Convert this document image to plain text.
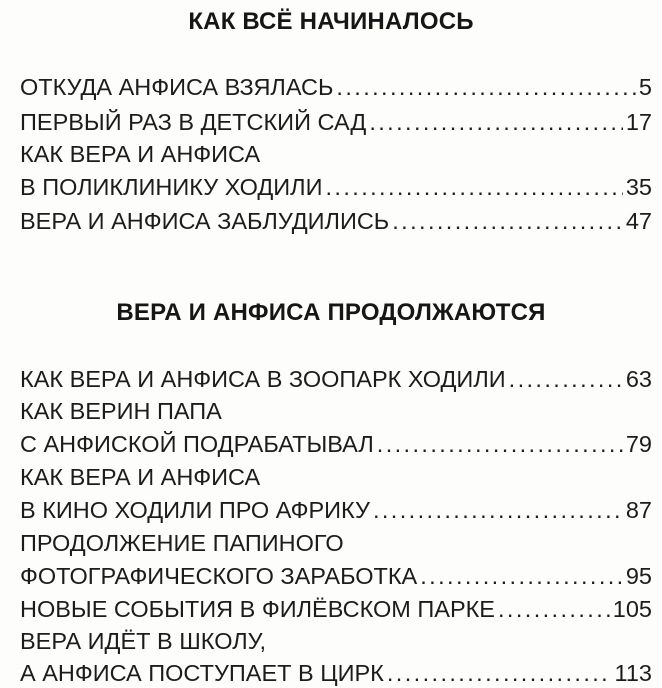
КАК ВСЁ НАЧИНАЛОСЬ
ОТКУДА АНФИСА ВЗЯЛАСЬ .....	5
ПЕРВЫЙ РАЗ В ДЕТСКИЙ САД .....	17
КАК ВЕРА И АНФИСА
В ПОЛИКЛИНИКУ ХОДИЛИ .....	35
ВЕРА И АНФИСА ЗАБЛУДИЛИСЬ .....	47
ВЕРА И АНФИСА ПРОДОЛЖАЮТСЯ
КАК ВЕРА И АНФИСА В ЗООПАРК ХОДИЛИ .....	63
КАК ВЕРИН ПАПА
С АНФИСКОЙ ПОДРАБАТЫВАЛ .....	79
КАК ВЕРА И АНФИСА
В КИНО ХОДИЛИ ПРО АФРИКУ .....	87
ПРОДОЛЖЕНИЕ ПАПИНОГО
ФОТОГРАФИЧЕСКОГО ЗАРАБОТКА .....	95
НОВЫЕ СОБЫТИЯ В ФИЛЁВСКОМ ПАРКЕ .....	105
ВЕРА ИДЁТ В ШКОЛУ,
А АНФИСА ПОСТУПАЕТ В ЦИРК .....	113
